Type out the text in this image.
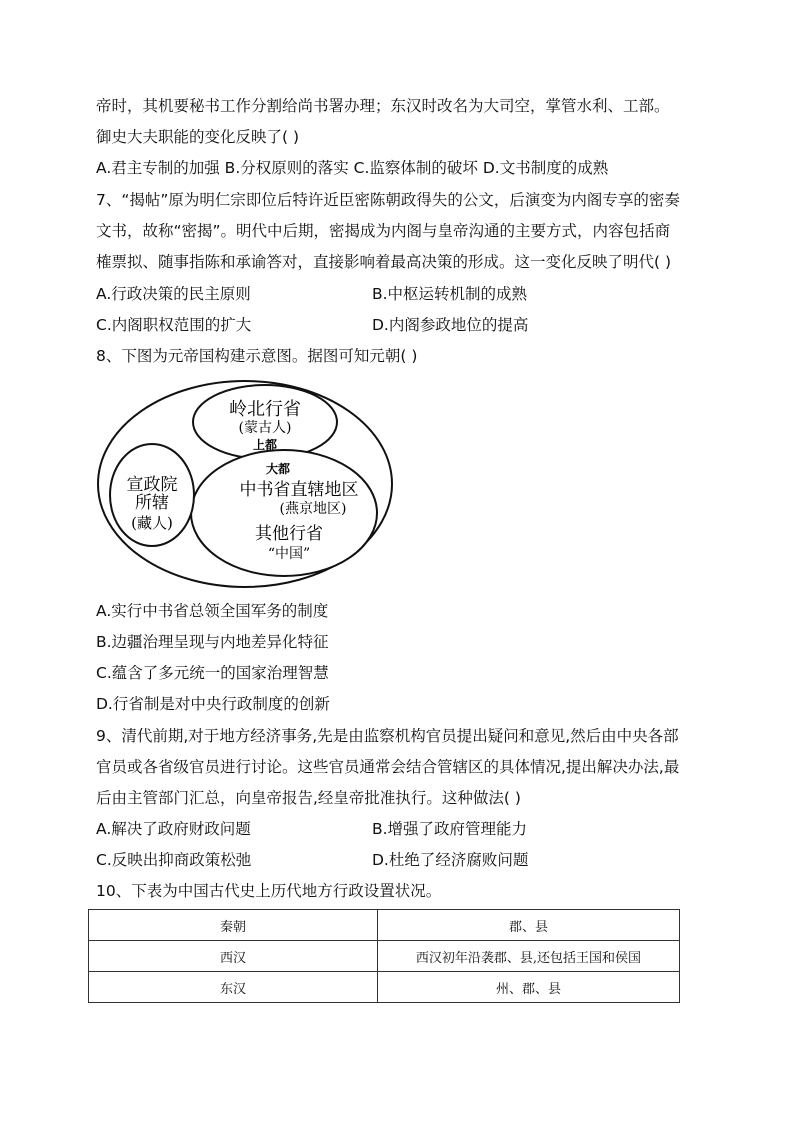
帝时，其机要秘书工作分割给尚书署办理；东汉时改名为大司空，掌管水利、工部。
御史大夫职能的变化反映了( )
A.君主专制的加强 B.分权原则的落实 C.监察体制的破坏 D.文书制度的成熟
7、“揭帖”原为明仁宗即位后特许近臣密陈朝政得失的公文，后演变为内阁专享的密奏
文书，故称“密揭”。明代中后期，密揭成为内阁与皇帝沟通的主要方式，内容包括商
榷票拟、随事指陈和承谕答对，直接影响着最高决策的形成。这一变化反映了明代( )
A.行政决策的民主原则	B.中枢运转机制的成熟
C.内阁职权范围的扩大	D.内阁参政地位的提高
8、下图为元帝国构建示意图。据图可知元朝( )
岭北行省
(蒙古人)
上都
大都
宣政院
所辖
(藏人)
中书省直辖地区
(燕京地区)
其他行省
“中国”
A.实行中书省总领全国军务的制度
B.边疆治理呈现与内地差异化特征
C.蕴含了多元统一的国家治理智慧
D.行省制是对中央行政制度的创新
9、清代前期,对于地方经济事务,先是由监察机构官员提出疑问和意见,然后由中央各部
官员或各省级官员进行讨论。这些官员通常会结合管辖区的具体情况,提出解决办法,最
后由主管部门汇总，向皇帝报告,经皇帝批准执行。这种做法( )
A.解决了政府财政问题	B.增强了政府管理能力
C.反映出抑商政策松弛	D.杜绝了经济腐败问题
10、下表为中国古代史上历代地方行政设置状况。
秦朝	郡、县
西汉	西汉初年沿袭郡、县,还包括王国和侯国
东汉	州、郡、县
